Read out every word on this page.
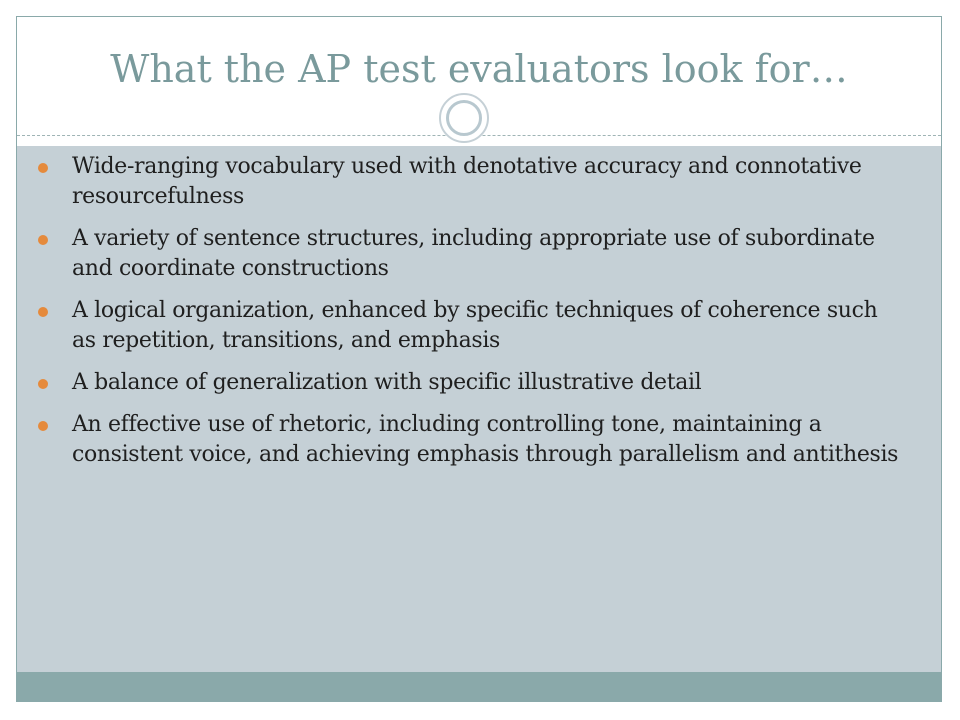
What the AP test evaluators look for…
Wide-ranging vocabulary used with denotative accuracy and connotative resourcefulness
A variety of sentence structures, including appropriate use of subordinate and coordinate constructions
A logical organization, enhanced by specific techniques of coherence such as repetition, transitions, and emphasis
A balance of generalization with specific illustrative detail
An effective use of rhetoric, including controlling tone, maintaining a consistent voice, and achieving emphasis through parallelism and antithesis
